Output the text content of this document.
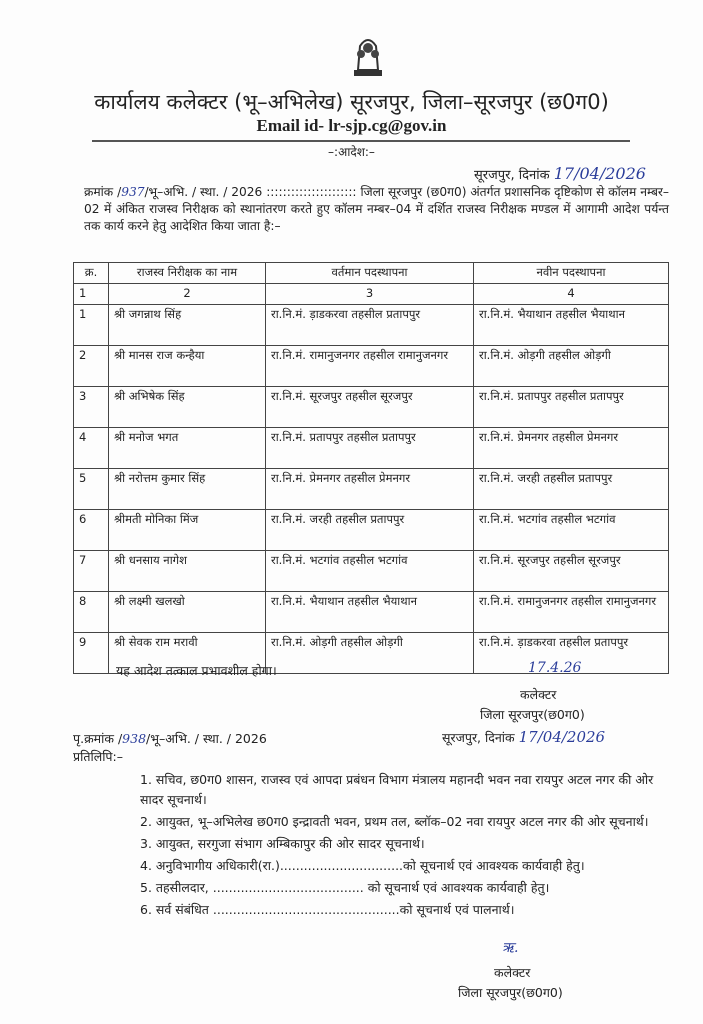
कार्यालय कलेक्टर (भू–अभिलेख) सूरजपुर, जिला–सूरजपुर (छ0ग0)
Email id- lr-sjp.cg@gov.in
–:आदेश:–
सूरजपुर, दिनांक 17/04/2026
क्रमांक /937/भू–अभि. / स्था. / 2026 :::::::::::::::::::::: जिला सूरजपुर (छ0ग0) अंतर्गत प्रशासनिक दृष्टिकोण से कॉलम नम्बर–02 में अंकित राजस्व निरीक्षक को स्थानांतरण करते हुए कॉलम नम्बर–04 में दर्शित राजस्व निरीक्षक मण्डल में आगामी आदेश पर्यन्त तक कार्य करने हेतु आदेशित किया जाता है:–
क्र.	राजस्व निरीक्षक का नाम	वर्तमान पदस्थापना	नवीन पदस्थापना
1	2	3	4
1	श्री जगन्नाथ सिंह	रा.नि.मं. ड़ाडकरवा तहसील प्रतापपुर	रा.नि.मं. भैयाथान तहसील भैयाथान
2	श्री मानस राज कन्हैया	रा.नि.मं. रामानुजनगर तहसील रामानुजनगर	रा.नि.मं. ओड़गी तहसील ओड़गी
3	श्री अभिषेक सिंह	रा.नि.मं. सूरजपुर तहसील सूरजपुर	रा.नि.मं. प्रतापपुर तहसील प्रतापपुर
4	श्री मनोज भगत	रा.नि.मं. प्रतापपुर तहसील प्रतापपुर	रा.नि.मं. प्रेमनगर तहसील प्रेमनगर
5	श्री नरोत्तम कुमार सिंह	रा.नि.मं. प्रेमनगर तहसील प्रेमनगर	रा.नि.मं. जरही तहसील प्रतापपुर
6	श्रीमती मोनिका मिंज	रा.नि.मं. जरही तहसील प्रतापपुर	रा.नि.मं. भटगांव तहसील भटगांव
7	श्री धनसाय नागेश	रा.नि.मं. भटगांव तहसील भटगांव	रा.नि.मं. सूरजपुर तहसील सूरजपुर
8	श्री लक्ष्मी खलखो	रा.नि.मं. भैयाथान तहसील भैयाथान	रा.नि.मं. रामानुजनगर तहसील रामानुजनगर
9	श्री सेवक राम मरावी	रा.नि.मं. ओड़गी तहसील ओड़गी	रा.नि.मं. ड़ाडकरवा तहसील प्रतापपुर
यह आदेश तत्काल प्रभावशील होगा।	17.4.26
कलेक्टर
जिला सूरजपुर(छ0ग0)
पृ.क्रमांक /938/भू–अभि. / स्था. / 2026	सूरजपुर, दिनांक 17/04/2026
प्रतिलिपि:–
1. सचिव, छ0ग0 शासन, राजस्व एवं आपदा प्रबंधन विभाग मंत्रालय महानदी भवन नवा रायपुर अटल नगर की ओर सादर सूचनार्थ।
2. आयुक्त, भू–अभिलेख छ0ग0 इन्द्रावती भवन, प्रथम तल, ब्लॉक–02 नवा रायपुर अटल नगर की ओर सूचनार्थ।
3. आयुक्त, सरगुजा संभाग अम्बिकापुर की ओर सादर सूचनार्थ।
4. अनुविभागीय अधिकारी(रा.)...............................को सूचनार्थ एवं आवश्यक कार्यवाही हेतु।
5. तहसीलदार, ...................................... को सूचनार्थ एवं आवश्यक कार्यवाही हेतु।
6. सर्व संबंधित ...............................................को सूचनार्थ एवं पालनार्थ।
ऋ.
कलेक्टर
जिला सूरजपुर(छ0ग0)
